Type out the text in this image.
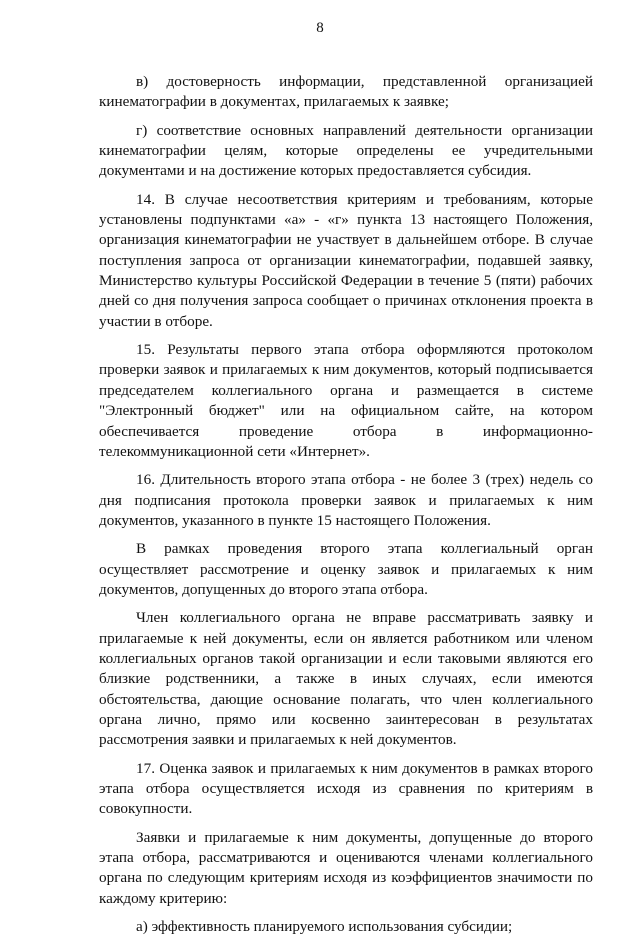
8

в) достоверность информации, представленной организацией кинематографии в документах, прилагаемых к заявке;

г) соответствие основных направлений деятельности организации кинематографии целям, которые определены ее учредительными документами и на достижение которых предоставляется субсидия.

14. В случае несоответствия критериям и требованиям, которые установлены подпунктами «а» - «г» пункта 13 настоящего Положения, организация кинематографии не участвует в дальнейшем отборе. В случае поступления запроса от организации кинематографии, подавшей заявку, Министерство культуры Российской Федерации в течение 5 (пяти) рабочих дней со дня получения запроса сообщает о причинах отклонения проекта в участии в отборе.

15. Результаты первого этапа отбора оформляются протоколом проверки заявок и прилагаемых к ним документов, который подписывается председателем коллегиального органа и размещается в системе "Электронный бюджет" или на официальном сайте, на котором обеспечивается проведение отбора в информационно-телекоммуникационной сети «Интернет».

16. Длительность второго этапа отбора - не более 3 (трех) недель со дня подписания протокола проверки заявок и прилагаемых к ним документов, указанного в пункте 15 настоящего Положения.

В рамках проведения второго этапа коллегиальный орган осуществляет рассмотрение и оценку заявок и прилагаемых к ним документов, допущенных до второго этапа отбора.

Член коллегиального органа не вправе рассматривать заявку и прилагаемые к ней документы, если он является работником или членом коллегиальных органов такой организации и если таковыми являются его близкие родственники, а также в иных случаях, если имеются обстоятельства, дающие основание полагать, что член коллегиального органа лично, прямо или косвенно заинтересован в результатах рассмотрения заявки и прилагаемых к ней документов.

17. Оценка заявок и прилагаемых к ним документов в рамках второго этапа отбора осуществляется исходя из сравнения по критериям в совокупности.

Заявки и прилагаемые к ним документы, допущенные до второго этапа отбора, рассматриваются и оцениваются членами коллегиального органа по следующим критериям исходя из коэффициентов значимости по каждому критерию:

а) эффективность планируемого использования субсидии;
